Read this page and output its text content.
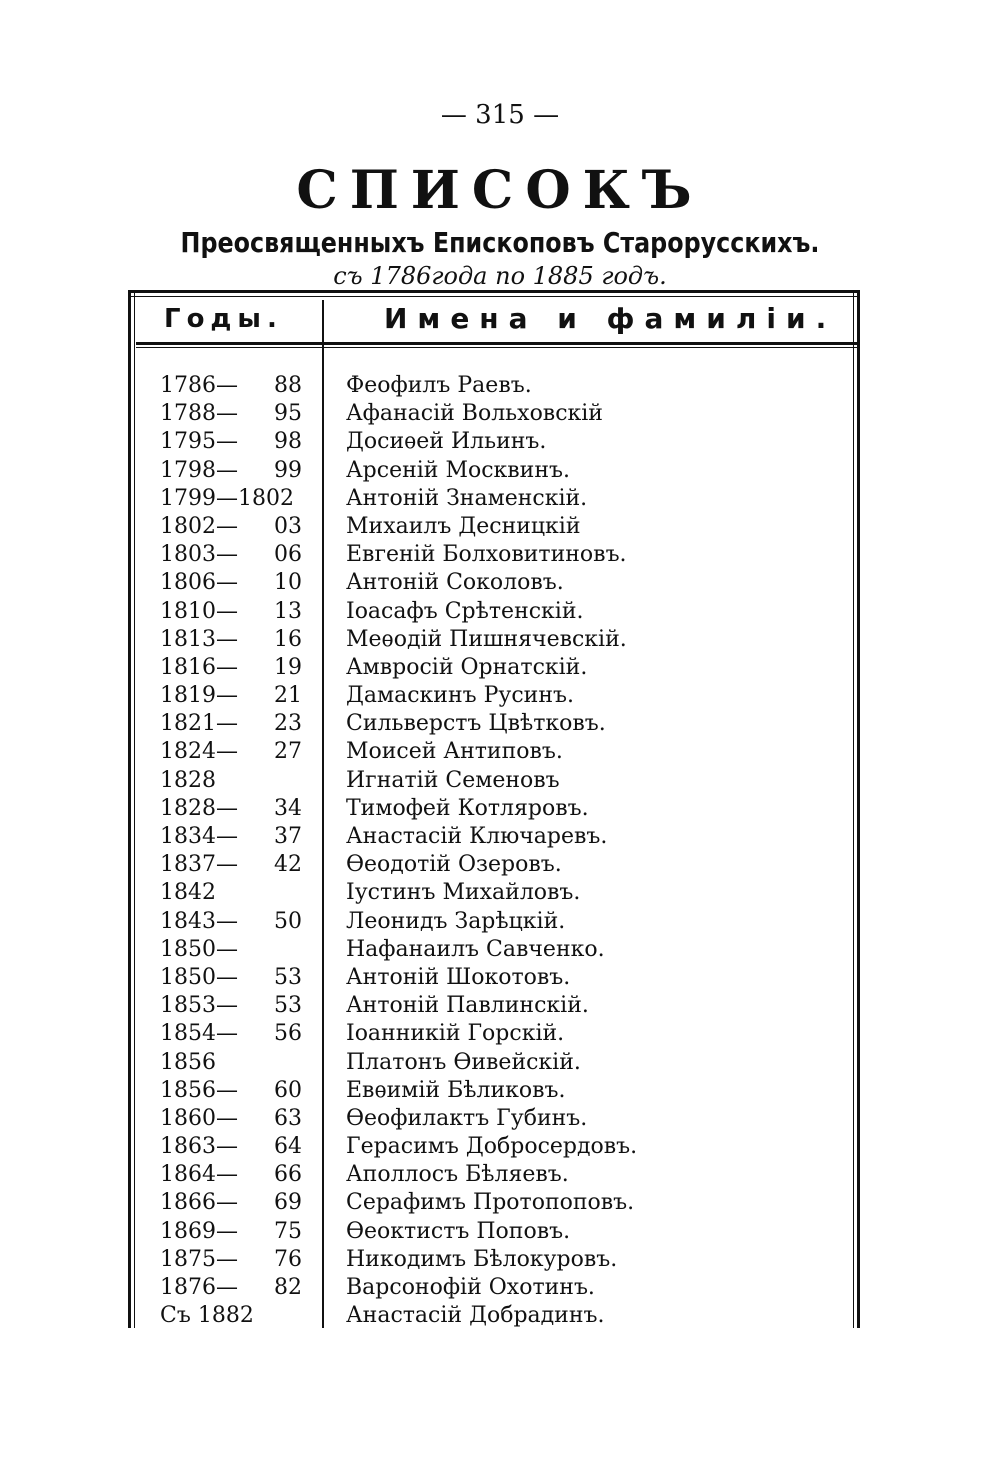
— 315 —
СПИСОКЪ
Преосвященныхъ Епископовъ Старорусскихъ.
съ 1786года по 1885 годъ.
Годы.	Имена и фамиліи.
1786—	88 Феофилъ Раевъ.
1788—	95 Афанасій Вольховскій
1795—	98 Досиѳей Ильинъ.
1798—	99 Арсеній Москвинъ.
1799—1802 Антоній Знаменскій.
1802—	03 Михаилъ Десницкій
1803—	06 Евгеній Болховитиновъ.
1806—	10 Антоній Соколовъ.
1810—	13 Іоасафъ Срѣтенскій.
1813—	16 Меѳодій Пишнячевскій.
1816—	19 Амвросій Орнатскій.
1819—	21 Дамаскинъ Русинъ.
1821—	23 Сильверстъ Цвѣтковъ.
1824—	27 Моисей Антиповъ.
1828	Игнатій Семеновъ
1828—	34 Тимофей Котляровъ.
1834—	37 Анастасій Ключаревъ.
1837—	42 Ѳеодотій Озеровъ.
1842	Іустинъ Михайловъ.
1843—	50 Леонидъ Зарѣцкій.
1850—	Нафанаилъ Савченко.
1850—	53 Антоній Шокотовъ.
1853—	53 Антоній Павлинскій.
1854—	56 Іоанникій Горскій.
1856	Платонъ Ѳивейскій.
1856—	60 Евѳимій Бѣликовъ.
1860—	63 Ѳеофилактъ Губинъ.
1863—	64 Герасимъ Добросердовъ.
1864—	66 Аполлосъ Бѣляевъ.
1866—	69 Серафимъ Протопоповъ.
1869—	75 Ѳеоктистъ Поповъ.
1875—	76 Никодимъ Бѣлокуровъ.
1876—	82 Варсонофій Охотинъ.
Съ 1882	Анастасій Добрадинъ.
